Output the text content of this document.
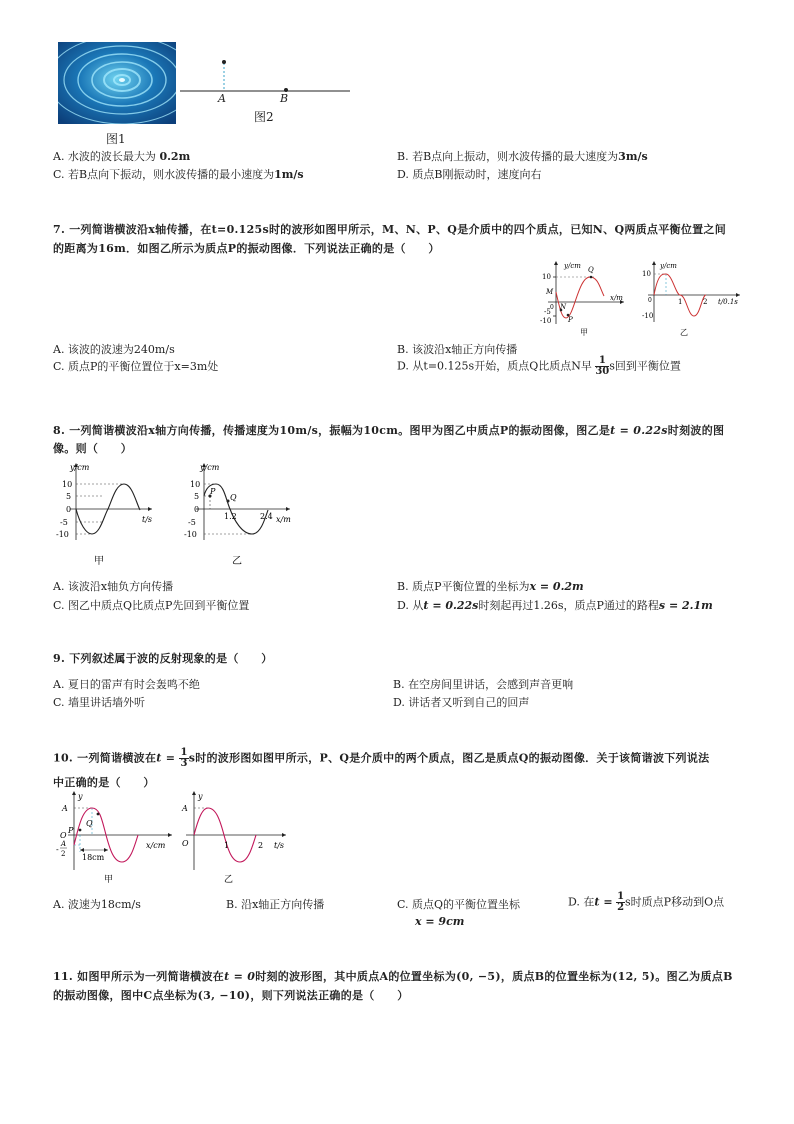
图1
A	B
图2
A. 水波的波长最大为 0.2m	B. 若B点向上振动，则水波传播的最大速度为3m/s
C. 若B点向下振动，则水波传播的最小速度为1m/s	D. 质点B刚振动时，速度向右
7. 一列简谐横波沿x轴传播，在t=0.125s时的波形如图甲所示，M、N、P、Q是介质中的四个质点，已知N、Q两质点平衡位置之间
的距离为16m．如图乙所示为质点P的振动图像．下列说法正确的是（　　）
y/cm
x/m
10
0
-5
-10
M
N
P
Q
甲
y/cm
t/0.1s
10
0
-10
1	2
乙
A. 该波的波速为240m/s	B. 该波沿x轴正方向传播
C. 质点P的平衡位置位于x=3m处	D. 从t=0.125s开始，质点Q比质点N早 $\frac{1}{30}$ s回到平衡位置
8. 一列简谐横波沿x轴方向传播，传播速度为10m/s，振幅为10cm。图甲为图乙中质点P的振动图像，图乙是t = 0.22s时刻波的图
像。则（　　）
y/cm
t/s
10
5
0
-5
-10
甲
y/cm
x/m
10
5
0
-5
-10
P
Q
1.2	2.4
乙
A. 该波沿x轴负方向传播	B. 质点P平衡位置的坐标为x = 0.2m
C. 图乙中质点Q比质点P先回到平衡位置	D. 从t = 0.22s时刻起再过1.26s，质点P通过的路程s = 2.1m
9. 下列叙述属于波的反射现象的是（　　）
A. 夏日的雷声有时会轰鸣不绝	B. 在空房间里讲话，会感到声音更响
C. 墙里讲话墙外听	D. 讲话者又听到自己的回声
10. 一列简谐横波在$t = \frac{1}{3}$ s时的波形图如图甲所示，P、Q是介质中的两个质点，图乙是质点Q的振动图像．关于该简谐波下列说法
中正确的是（　　）
y
x/cm
A
O
P
Q
-
A
2 18cm
甲
y
t/s
A
O	1	2
乙
A. 波速为18cm/s	B. 沿x轴正方向传播	C. 质点Q的平衡位置坐标
x = 9cm
D. 在$t = \frac{1}{2}$ s时质点P移动到O点
11. 如图甲所示为一列简谐横波在t = 0时刻的波形图，其中质点A的位置坐标为(0, −5)，质点B的位置坐标为(12, 5)。图乙为质点B
的振动图像，图中C点坐标为(3, −10)，则下列说法正确的是（　　）
